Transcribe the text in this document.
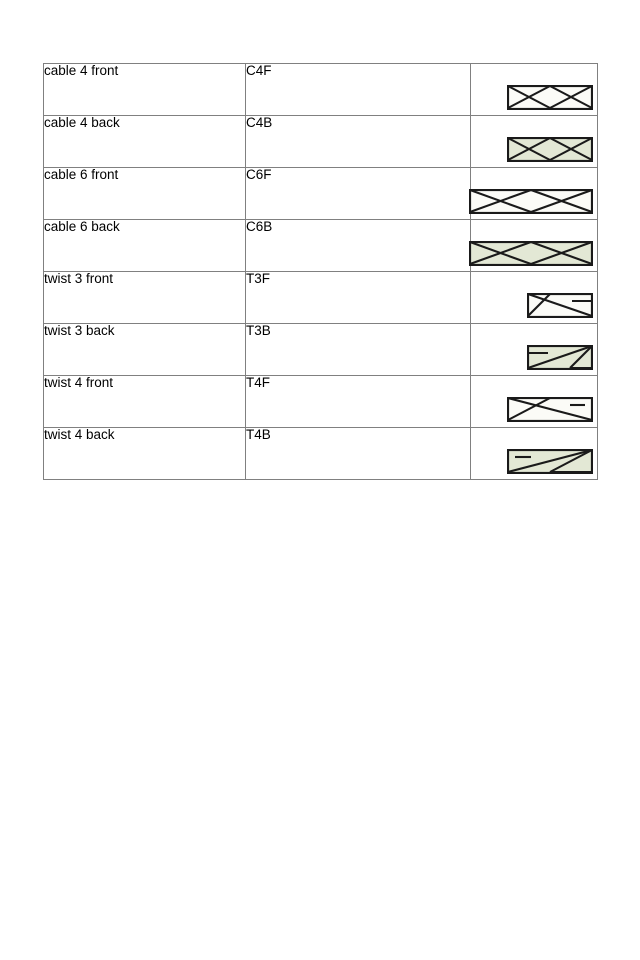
cable 4 front	C4F	

cable 4 back	C4B	

cable 6 front	C6F	

cable 6 back	C6B	

twist 3 front	T3F	

twist 3 back	T3B	

twist 4 front	T4F	

twist 4 back	T4B	
